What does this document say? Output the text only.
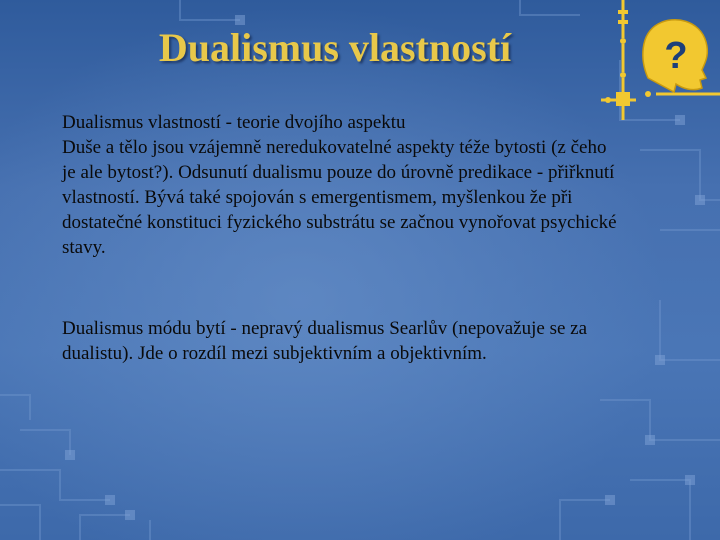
?
Dualismus vlastností

Dualismus vlastností - teorie dvojího aspektu
Duše a tělo jsou vzájemně neredukovatelné aspekty téže bytosti (z čeho je ale bytost?). Odsunutí dualismu pouze do úrovně predikace - přiřknutí vlastností. Bývá také spojován s emergentismem, myšlenkou že při dostatečné konstituci fyzického substrátu se začnou vynořovat psychické stavy.

Dualismus módu bytí - nepravý dualismus Searlův (nepovažuje se za dualistu). Jde o rozdíl mezi subjektivním a objektivním.
